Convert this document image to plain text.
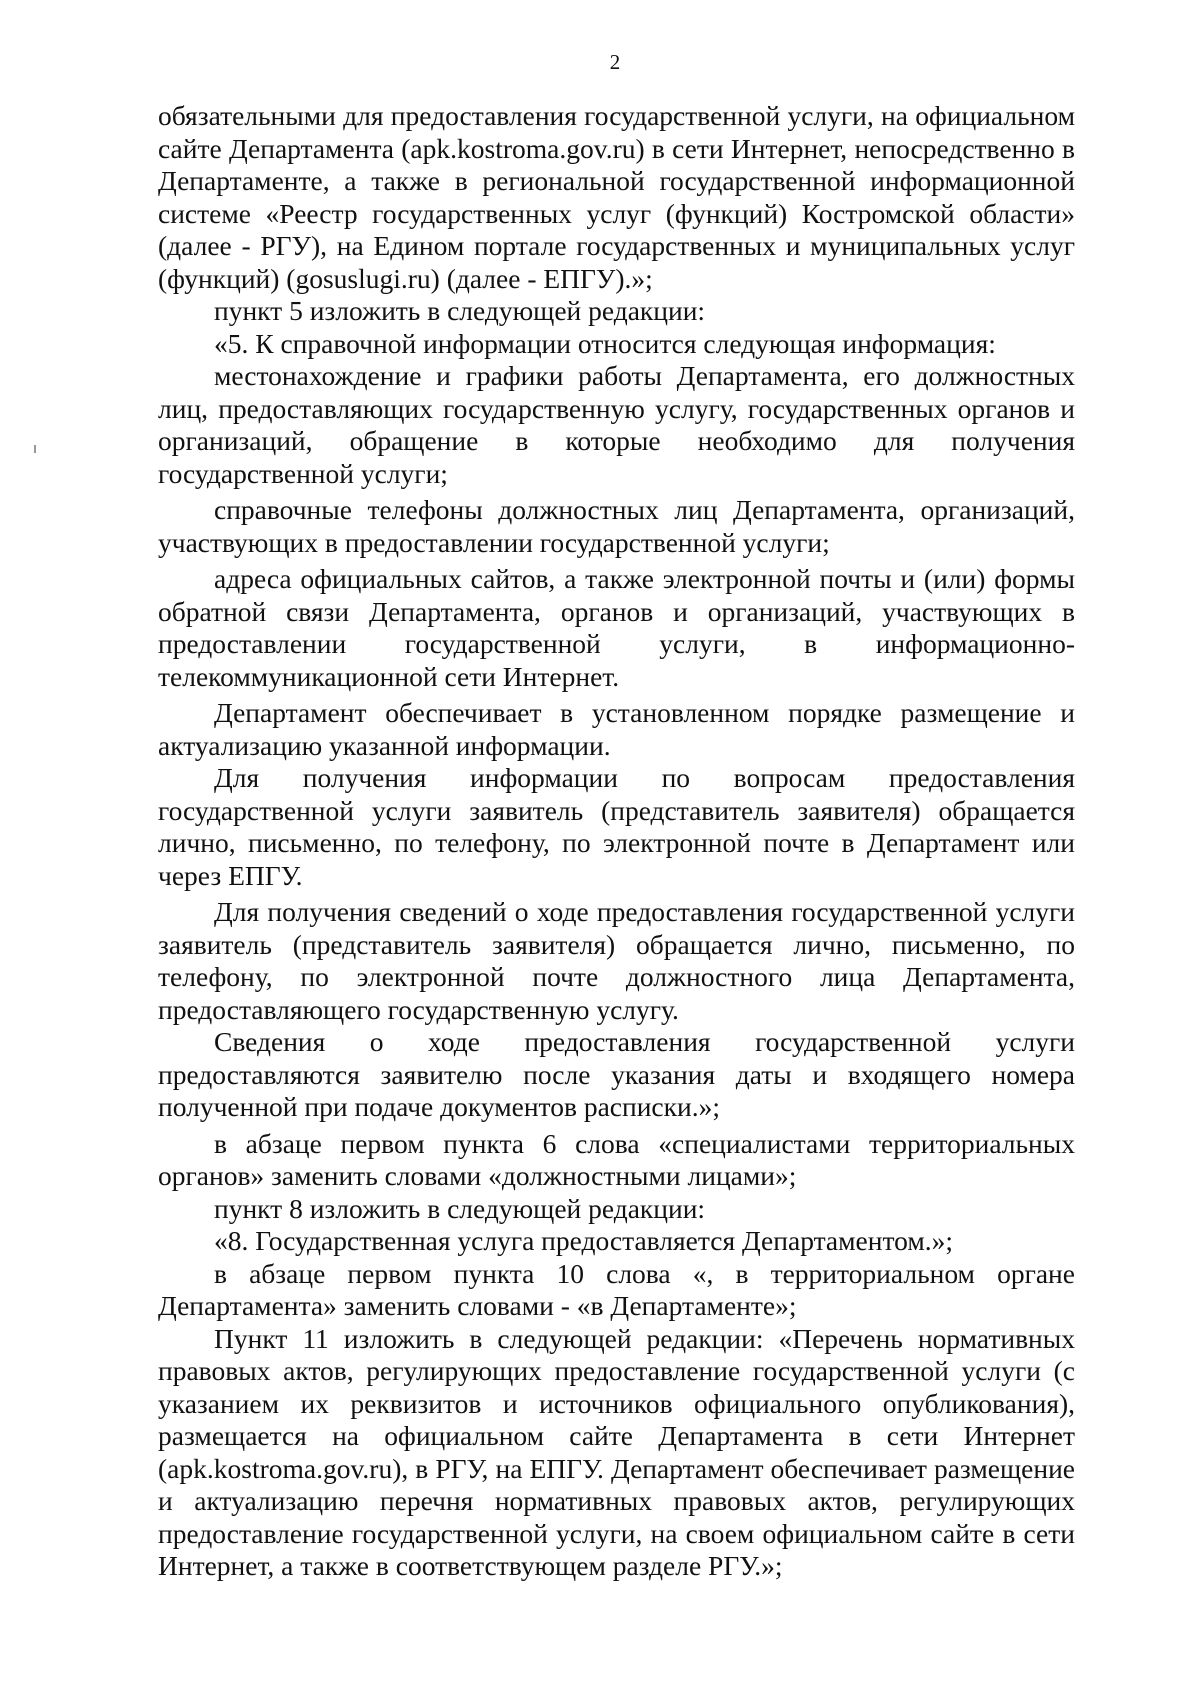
2

обязательными для предоставления государственной услуги, на официальном сайте Департамента (apk.kostroma.gov.ru) в сети Интернет, непосредственно в Департаменте, а также в региональной государственной информационной системе «Реестр государственных услуг (функций) Костромской области» (далее - РГУ), на Едином портале государственных и муниципальных услуг (функций) (gosuslugi.ru) (далее - ЕПГУ).»;

пункт 5 изложить в следующей редакции:

«5. К справочной информации относится следующая информация:

местонахождение и графики работы Департамента, его должностных лиц, предоставляющих государственную услугу, государственных органов и организаций, обращение в которые необходимо для получения государственной услуги;

справочные телефоны должностных лиц Департамента, организаций, участвующих в предоставлении государственной услуги;

адреса официальных сайтов, а также электронной почты и (или) формы обратной связи Департамента, органов и организаций, участвующих в предоставлении государственной услуги, в информационно-телекоммуникационной сети Интернет.

Департамент обеспечивает в установленном порядке размещение и актуализацию указанной информации.

Для получения информации по вопросам предоставления государственной услуги заявитель (представитель заявителя) обращается лично, письменно, по телефону, по электронной почте в Департамент или через ЕПГУ.

Для получения сведений о ходе предоставления государственной услуги заявитель (представитель заявителя) обращается лично, письменно, по телефону, по электронной почте должностного лица Департамента, предоставляющего государственную услугу.

Сведения о ходе предоставления государственной услуги предоставляются заявителю после указания даты и входящего номера полученной при подаче документов расписки.»;

в абзаце первом пункта 6 слова «специалистами территориальных органов» заменить словами «должностными лицами»;

пункт 8 изложить в следующей редакции:

«8. Государственная услуга предоставляется Департаментом.»;

в абзаце первом пункта 10 слова «, в территориальном органе Департамента» заменить словами - «в Департаменте»;

Пункт 11 изложить в следующей редакции: «Перечень нормативных правовых актов, регулирующих предоставление государственной услуги (с указанием их реквизитов и источников официального опубликования), размещается на официальном сайте Департамента в сети Интернет (apk.kostroma.gov.ru), в РГУ, на ЕПГУ. Департамент обеспечивает размещение и актуализацию перечня нормативных правовых актов, регулирующих предоставление государственной услуги, на своем официальном сайте в сети Интернет, а также в соответствующем разделе РГУ.»;
